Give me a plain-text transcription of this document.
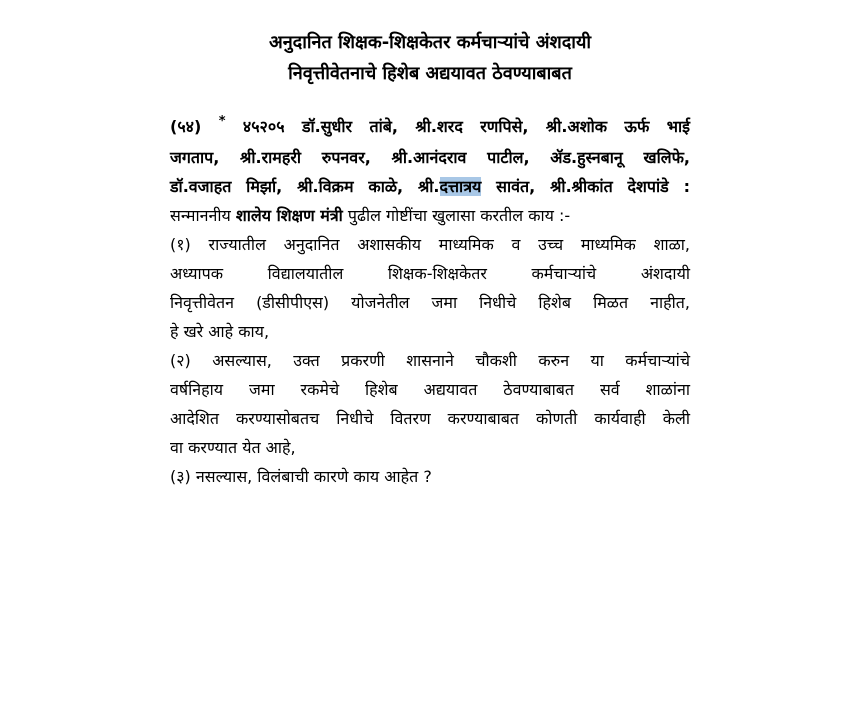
अनुदानित शिक्षक-शिक्षकेतर कर्मचाऱ्यांचे अंशदायी
निवृत्तीवेतनाचे हिशेब अद्ययावत ठेवण्याबाबत
(५४) * ४५२०५ डॉ.सुधीर तांबे, श्री.शरद रणपिसे, श्री.अशोक ऊर्फ भाई
जगताप, श्री.रामहरी रुपनवर, श्री.आनंदराव पाटील, ॲड.हुस्नबानू खलिफे,
डॉ.वजाहत मिर्झा, श्री.विक्रम काळे, श्री.दत्तात्रय सावंत, श्री.श्रीकांत देशपांडे :
सन्माननीय शालेय शिक्षण मंत्री पुढील गोष्टींचा खुलासा करतील काय :-
(१) राज्यातील अनुदानित अशासकीय माध्यमिक व उच्च माध्यमिक शाळा,
अध्यापक विद्यालयातील शिक्षक-शिक्षकेतर कर्मचाऱ्यांचे अंशदायी
निवृत्तीवेतन (डीसीपीएस) योजनेतील जमा निधीचे हिशेब मिळत नाहीत,
हे खरे आहे काय,
(२) असल्यास, उक्त प्रकरणी शासनाने चौकशी करुन या कर्मचाऱ्यांचे
वर्षनिहाय जमा रकमेचे हिशेब अद्ययावत ठेवण्याबाबत सर्व शाळांना
आदेशित करण्यासोबतच निधीचे वितरण करण्याबाबत कोणती कार्यवाही केली
वा करण्यात येत आहे,
(३) नसल्यास, विलंबाची कारणे काय आहेत ?
